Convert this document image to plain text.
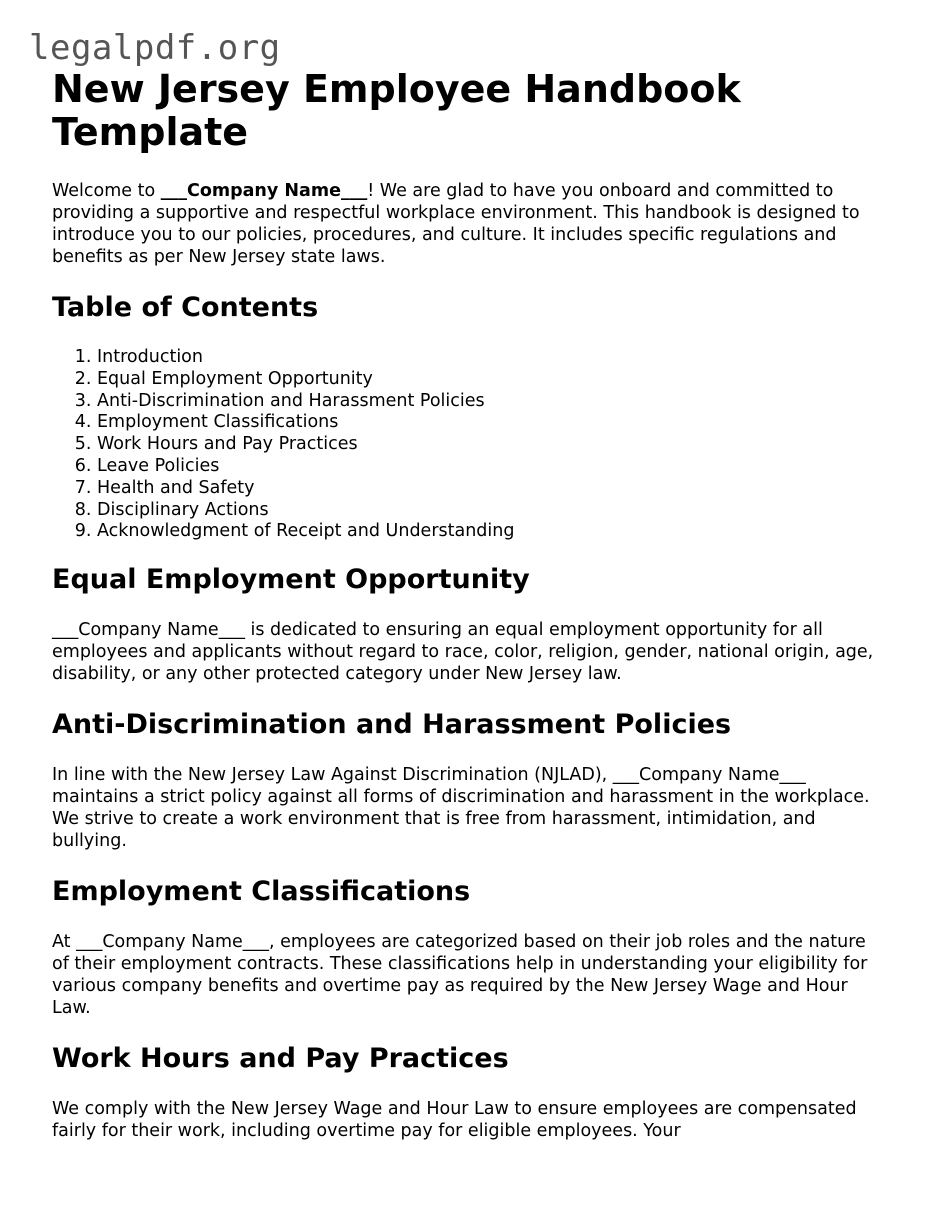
legalpdf.org
New Jersey Employee Handbook Template

Welcome to ___Company Name___! We are glad to have you onboard and committed to providing a supportive and respectful workplace environment. This handbook is designed to introduce you to our policies, procedures, and culture. It includes specific regulations and benefits as per New Jersey state laws.

Table of Contents
1. Introduction
2. Equal Employment Opportunity
3. Anti-Discrimination and Harassment Policies
4. Employment Classifications
5. Work Hours and Pay Practices
6. Leave Policies
7. Health and Safety
8. Disciplinary Actions
9. Acknowledgment of Receipt and Understanding
Equal Employment Opportunity

___Company Name___ is dedicated to ensuring an equal employment opportunity for all employees and applicants without regard to race, color, religion, gender, national origin, age, disability, or any other protected category under New Jersey law.

Anti-Discrimination and Harassment Policies

In line with the New Jersey Law Against Discrimination (NJLAD), ___Company Name___ maintains a strict policy against all forms of discrimination and harassment in the workplace. We strive to create a work environment that is free from harassment, intimidation, and bullying.

Employment Classifications

At ___Company Name___, employees are categorized based on their job roles and the nature of their employment contracts. These classifications help in understanding your eligibility for various company benefits and overtime pay as required by the New Jersey Wage and Hour Law.

Work Hours and Pay Practices

We comply with the New Jersey Wage and Hour Law to ensure employees are compensated fairly for their work, including overtime pay for eligible employees. Your
